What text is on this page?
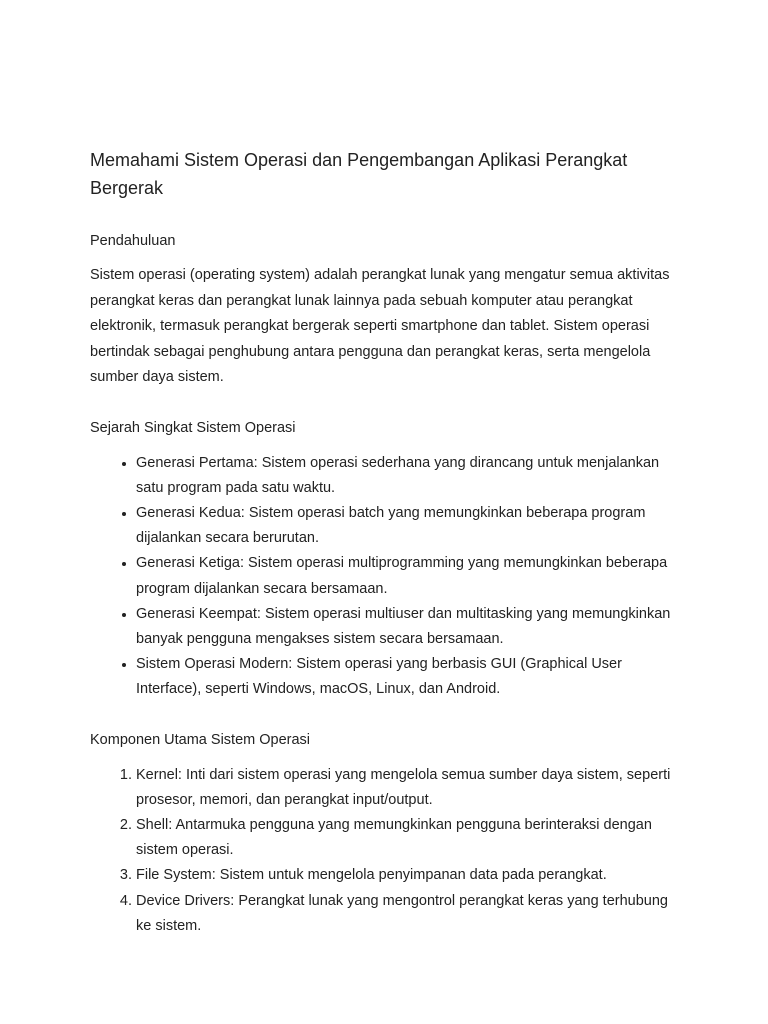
Memahami Sistem Operasi dan Pengembangan Aplikasi Perangkat Bergerak
Pendahuluan

Sistem operasi (operating system) adalah perangkat lunak yang mengatur semua aktivitas perangkat keras dan perangkat lunak lainnya pada sebuah komputer atau perangkat elektronik, termasuk perangkat bergerak seperti smartphone dan tablet. Sistem operasi bertindak sebagai penghubung antara pengguna dan perangkat keras, serta mengelola sumber daya sistem.

Sejarah Singkat Sistem Operasi
• Generasi Pertama: Sistem operasi sederhana yang dirancang untuk menjalankan satu program pada satu waktu.
• Generasi Kedua: Sistem operasi batch yang memungkinkan beberapa program dijalankan secara berurutan.
• Generasi Ketiga: Sistem operasi multiprogramming yang memungkinkan beberapa program dijalankan secara bersamaan.
• Generasi Keempat: Sistem operasi multiuser dan multitasking yang memungkinkan banyak pengguna mengakses sistem secara bersamaan.
• Sistem Operasi Modern: Sistem operasi yang berbasis GUI (Graphical User Interface), seperti Windows, macOS, Linux, dan Android.
Komponen Utama Sistem Operasi
1. Kernel: Inti dari sistem operasi yang mengelola semua sumber daya sistem, seperti prosesor, memori, dan perangkat input/output.
2. Shell: Antarmuka pengguna yang memungkinkan pengguna berinteraksi dengan sistem operasi.
3. File System: Sistem untuk mengelola penyimpanan data pada perangkat.
4. Device Drivers: Perangkat lunak yang mengontrol perangkat keras yang terhubung ke sistem.
